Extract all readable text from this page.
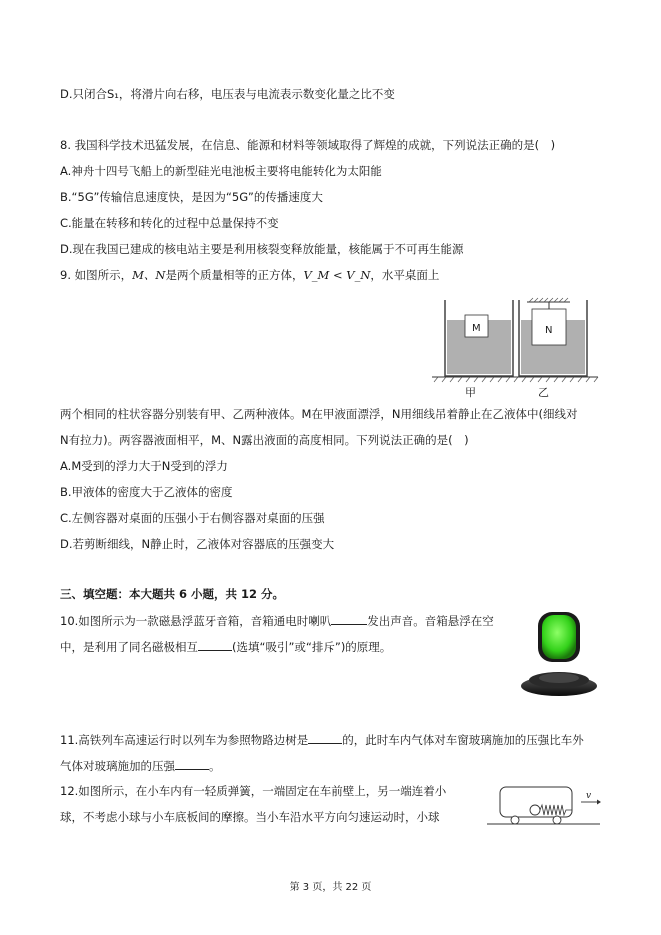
D.只闭合S₁，将滑片向右移，电压表与电流表示数变化量之比不变
8. 我国科学技术迅猛发展，在信息、能源和材料等领域取得了辉煌的成就，下列说法正确的是(　)
A.神舟十四号飞船上的新型硅光电池板主要将电能转化为太阳能
B.“5G”传输信息速度快，是因为“5G”的传播速度大
C.能量在转移和转化的过程中总量保持不变
D.现在我国已建成的核电站主要是利用核裂变释放能量，核能属于不可再生能源
9. 如图所示，M、N是两个质量相等的正方体，V_M < V_N，水平桌面上
M	N
甲	乙
两个相同的柱状容器分别装有甲、乙两种液体。M在甲液面漂浮，N用细线吊着静止在乙液体中(细线对
N有拉力)。两容器液面相平，M、N露出液面的高度相同。下列说法正确的是(　)
A.M受到的浮力大于N受到的浮力
B.甲液体的密度大于乙液体的密度
C.左侧容器对桌面的压强小于右侧容器对桌面的压强
D.若剪断细线，N静止时，乙液体对容器底的压强变大
三、填空题：本大题共 6 小题，共 12 分。
10.如图所示为一款磁悬浮蓝牙音箱，音箱通电时喇叭	发出声音。音箱悬浮在空
中，是利用了同名磁极相互	(选填“吸引”或“排斥”)的原理。
11.高铁列车高速运行时以列车为参照物路边树是	的，此时车内气体对车窗玻璃施加的压强比车外
气体对玻璃施加的压强	。
12.如图所示，在小车内有一轻质弹簧，一端固定在车前壁上，另一端连着小
球，不考虑小球与小车底板间的摩擦。当小车沿水平方向匀速运动时，小球
v
第 3 页，共 22 页
